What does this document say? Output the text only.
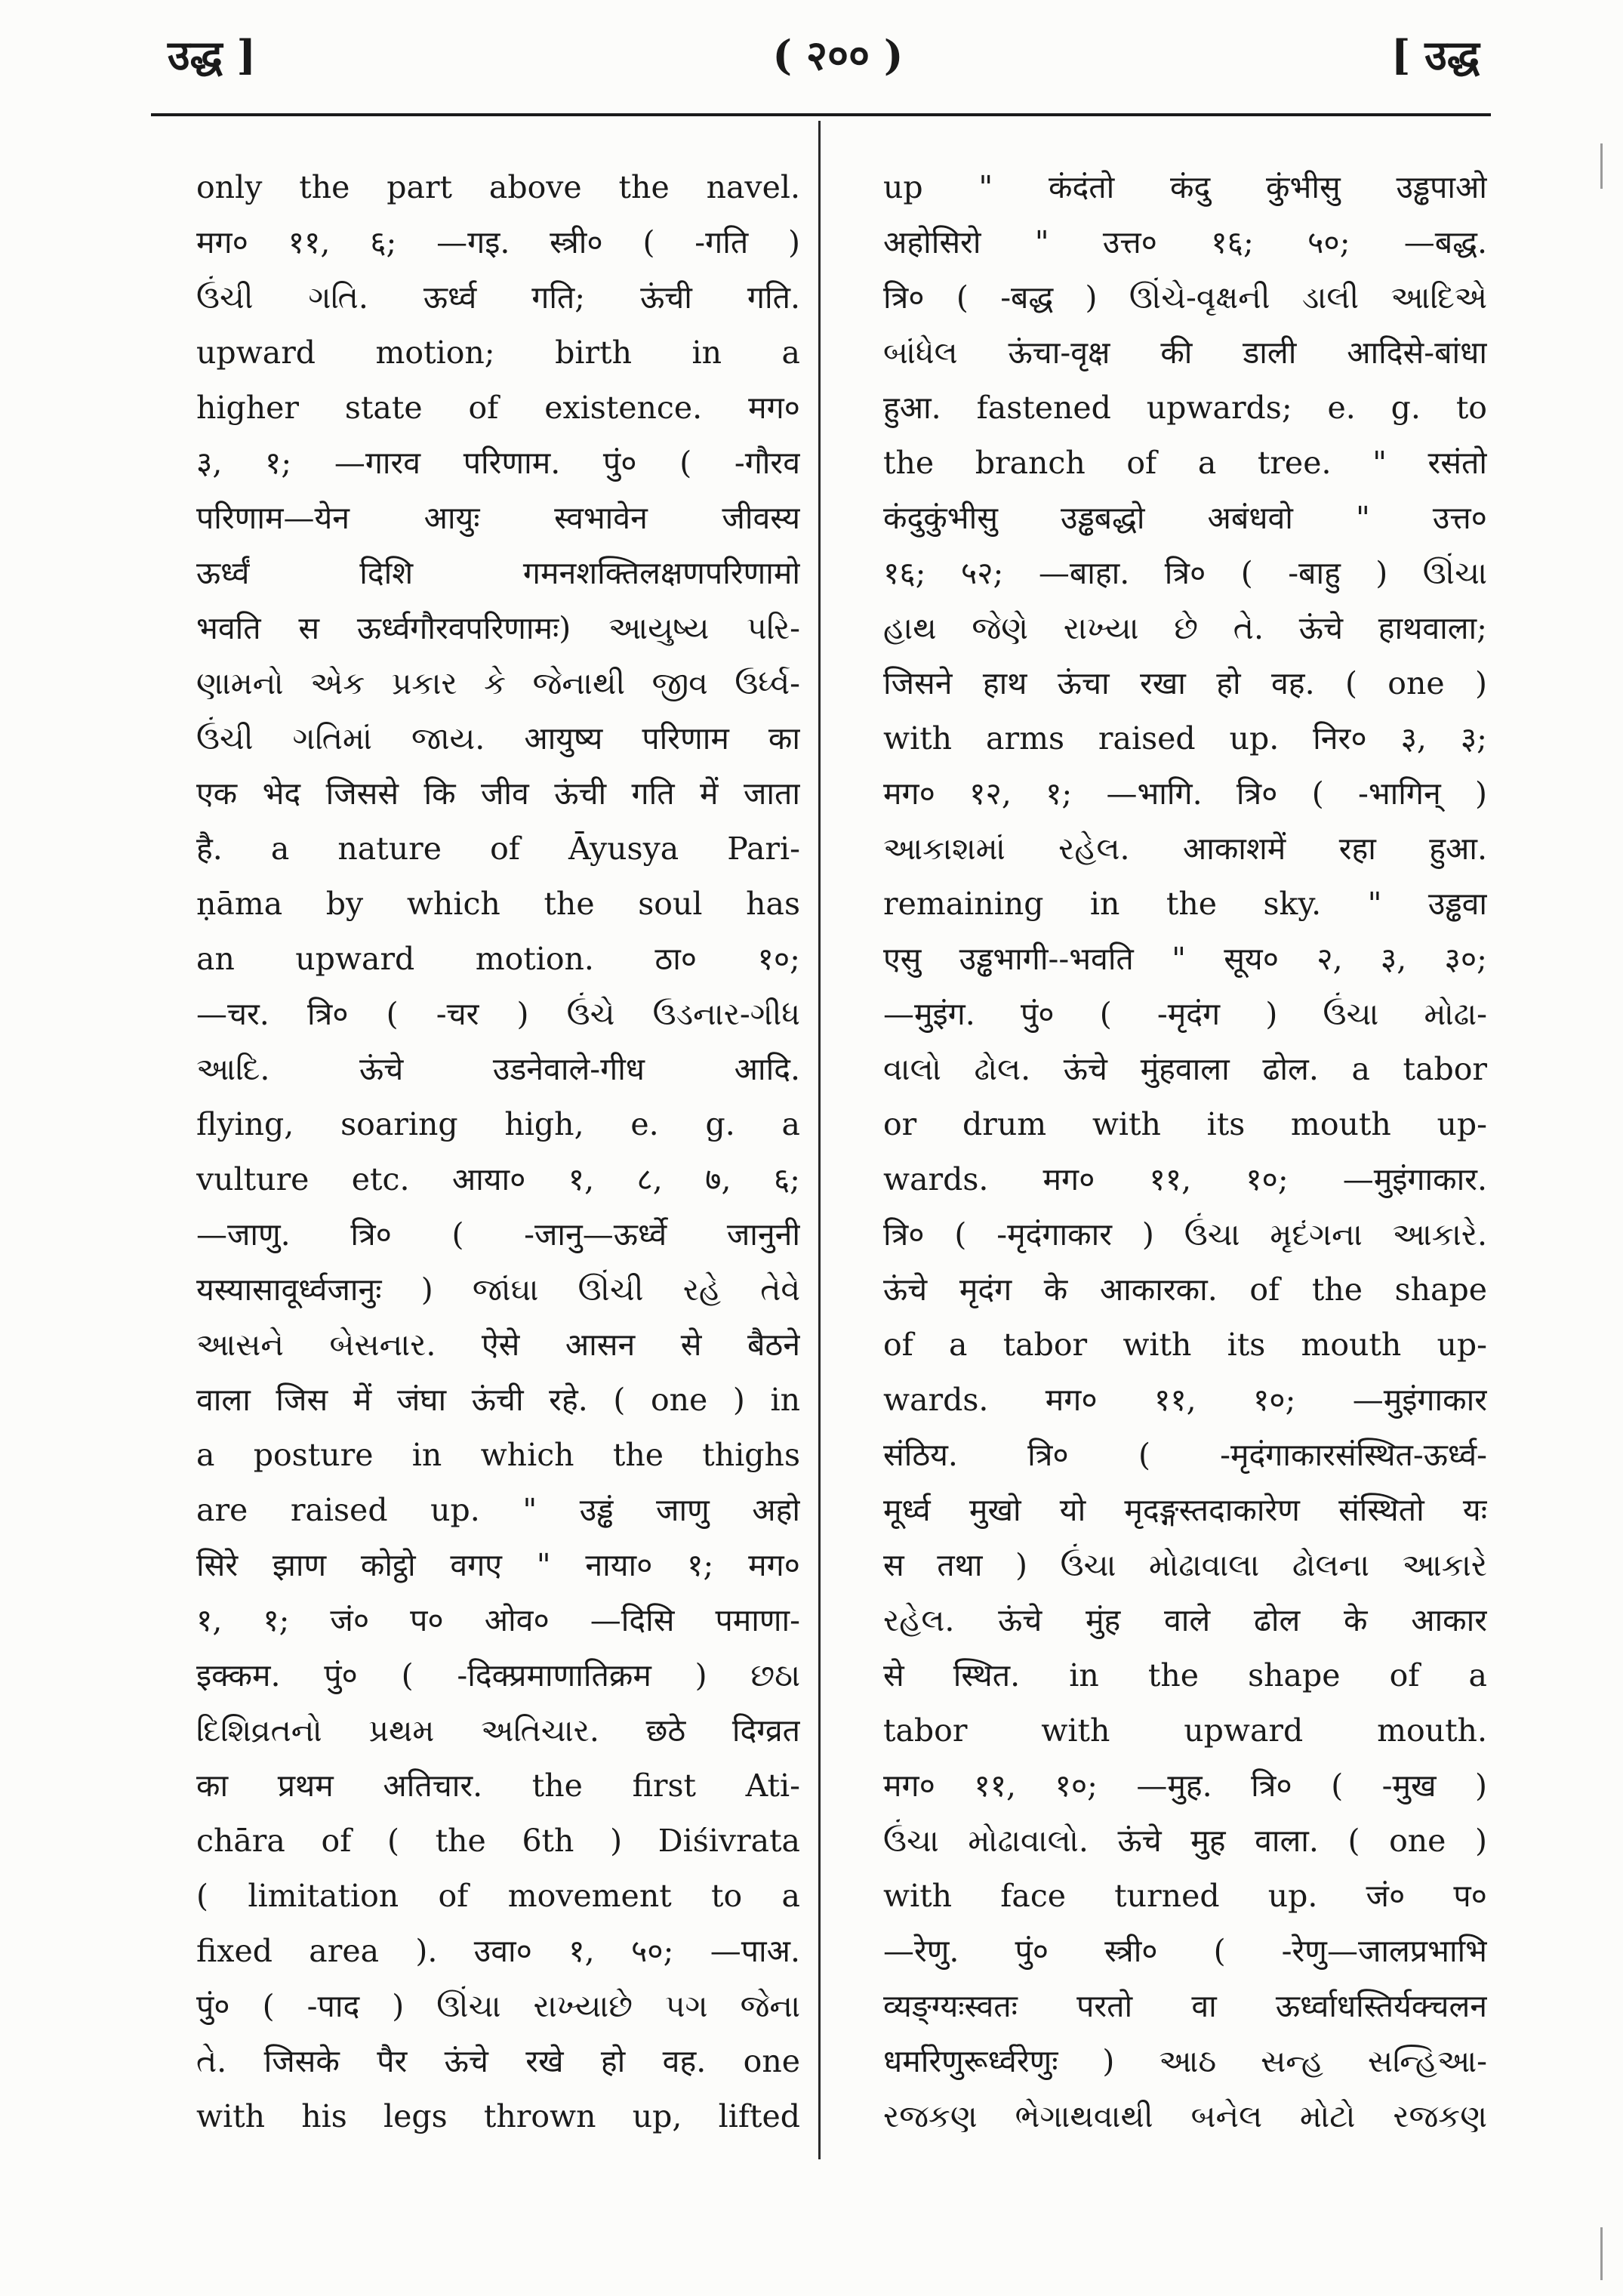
उद्ध ]	( २०० )	[ उद्ध
only the part above the navel.
मग० ११, ६; —गइ. स्त्री० ( -गति )
ઉંચી ગતિ. ऊर्ध्व गति; ऊंची गति.
upward motion; birth in a
higher state of existence. मग०
३, १; —गारव परिणाम. पुं० ( -गौरव
परिणाम—येन आयुः स्वभावेन जीवस्य
ऊर्ध्वं दिशि गमनशक्तिलक्षणपरिणामो
भवति स ऊर्ध्वगौरवपरिणामः) આયુષ્ય પરિ-
ણામનો એક પ્રકાર કે જેનાથી જીવ ઉર્ધ્વ-
ઉંચી ગતિમાં જાય. आयुष्य परिणाम का
एक भेद जिससे कि जीव ऊंची गति में जाता
है. a nature of Āyusya Pari-
ṇāma by which the soul has
an upward motion. ठा० १०;
—चर. त्रि० ( -चर ) ઉંચે ઉડનાર-ગીધ
આદિ. ऊंचे उडनेवाले-गीध आदि.
flying, soaring high, e. g. a
vulture etc. आया० १, ८, ७, ६;
—जाणु. त्रि० ( -जानु—ऊर्ध्वे जानुनी
यस्यासावूर्ध्वजानुः ) જાંઘા ઊંચી રહે તેવે
આસને બેસનાર. ऐसे आसन से बैठने
वाला जिस में जंघा ऊंची रहे. ( one ) in
a posture in which the thighs
are raised up. " उड्ढं जाणु अहो
सिरे झाण कोट्ठो वगए " नाया० १; मग०
१, १; जं० प० ओव० —दिसि पमाणा-
इक्कम. पुं० ( -दिक्प्रमाणातिक्रम ) છઠા
દિશિવ્રતનો પ્રથમ અતિચાર. छठे दिग्व्रत
का प्रथम अतिचार. the first Ati-
chāra of ( the 6th ) Diśivrata
( limitation of movement to a
fixed area ). उवा० १, ५०; —पाअ.
पुं० ( -पाद ) ઊંચા રાખ્યાછે પગ જેના
તે. जिसके पैर ऊंचे रखे हो वह. one
with his legs thrown up, lifted
up " कंदंतो कंदु कुंभीसु उड्ढपाओ
अहोसिरो " उत्त० १६; ५०; —बद्ध.
त्रि० ( -बद्ध ) ઊંચે-વૃક્ષની ડાલી આદિએ
બાંધેલ ऊंचा-वृक्ष की डाली आदिसे-बांधा
हुआ. fastened upwards; e. g. to
the branch of a tree. " रसंतो
कंदुकुंभीसु उड्ढबद्धो अबंधवो " उत्त०
१६; ५२; —बाहा. त्रि० ( -बाहु ) ઊંચા
હાથ જેણે રાખ્યા છે તે. ऊंचे हाथवाला;
जिसने हाथ ऊंचा रखा हो वह. ( one )
with arms raised up. निर० ३, ३;
मग० १२, १; —भागि. त्रि० ( -भागिन् )
આકાશમાં રહેલ. आकाशमें रहा हुआ.
remaining in the sky. " उड्ढवा
एसु उड्ढभागी--भवति " सूय० २, ३, ३०;
—मुइंग. पुं० ( -मृदंग ) ઉંચા મોઢા-
વાલો ઢોલ. ऊंचे मुंहवाला ढोल. a tabor
or drum with its mouth up-
wards. मग० ११, १०; —मुइंगाकार.
त्रि० ( -मृदंगाकार ) ઉંચા મૃદંગના આકારે.
ऊंचे मृदंग के आकारका. of the shape
of a tabor with its mouth up-
wards. मग० ११, १०; —मुइंगाकार
संठिय. त्रि० ( -मृदंगाकारसंस्थित-ऊर्ध्व-
मूर्ध्व मुखो यो मृदङ्गस्तदाकारेण संस्थितो यः
स तथा ) ઉંચા મોઢાવાલા ઢોલના આકારે
રહેલ. ऊंचे मुंह वाले ढोल के आकार
से स्थित. in the shape of a
tabor with upward mouth.
मग० ११, १०; —मुह. त्रि० ( -मुख )
ઉંચા મોઢાવાલો. ऊंचे मुह वाला. ( one )
with face turned up. जं० प०
—रेणु. पुं० स्त्री० ( -रेणु—जालप्रभाभि
व्यङ्ग्यःस्वतः परतो वा ऊर्ध्वाधस्तिर्यक्चलन
धर्मारेणुरूर्ध्वरेणुः ) આઠ સન્હ સન્હિઆ-
રજકણ ભેગાથવાથી બનેલ મોટો રજકણ
